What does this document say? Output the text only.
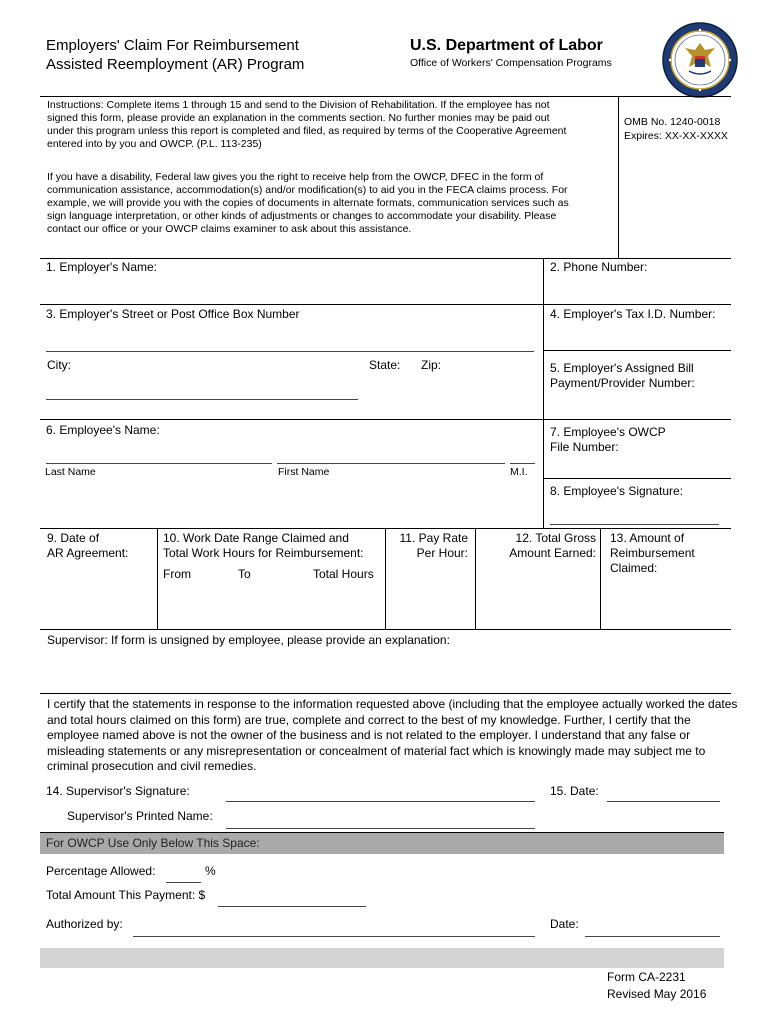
Employers' Claim For Reimbursement
Assisted Reemployment (AR) Program
U.S. Department of Labor
Office of Workers' Compensation Programs
Instructions: Complete items 1 through 15 and send to the Division of Rehabilitation. If the employee has not
signed this form, please provide an explanation in the comments section. No further monies may be paid out
under this program unless this report is completed and filed, as required by terms of the Cooperative Agreement
entered into by you and OWCP. (P.L. 113-235)
If you have a disability, Federal law gives you the right to receive help from the OWCP, DFEC in the form of
communication assistance, accommodation(s) and/or modification(s) to aid you in the FECA claims process. For
example, we will provide you with the copies of documents in alternate formats, communication services such as
sign language interpretation, or other kinds of adjustments or changes to accommodate your disability. Please
contact our office or your OWCP claims examiner to ask about this assistance.
OMB No. 1240-0018
Expires: XX-XX-XXXX
1. Employer's Name:	2. Phone Number:
3. Employer's Street or Post Office Box Number	4. Employer's Tax I.D. Number:
City:	State: Zip:	5. Employer's Assigned Bill
Payment/Provider Number:
6. Employee's Name:
Last Name	First Name	M.I.
7. Employee's OWCP
File Number:
8. Employee's Signature:
9. Date of
AR Agreement:
10. Work Date Range Claimed and
Total Work Hours for Reimbursement:
From	To	Total Hours
11. Pay Rate
Per Hour:
12. Total Gross
Amount Earned:
13. Amount of
Reimbursement
Claimed:
Supervisor: If form is unsigned by employee, please provide an explanation:
I certify that the statements in response to the information requested above (including that the employee actually worked the dates and total hours claimed on this form) are true, complete and correct to the best of my knowledge. Further, I certify that the employee named above is not the owner of the business and is not related to the employer. I understand that any false or misleading statements or any misrepresentation or concealment of material fact which is knowingly made may subject me to criminal prosecution and civil remedies.
14. Supervisor's Signature:	15. Date:
Supervisor's Printed Name:
For OWCP Use Only Below This Space:
Percentage Allowed:	%
Total Amount This Payment: $
Authorized by:	Date:
Form CA-2231
Revised May 2016
